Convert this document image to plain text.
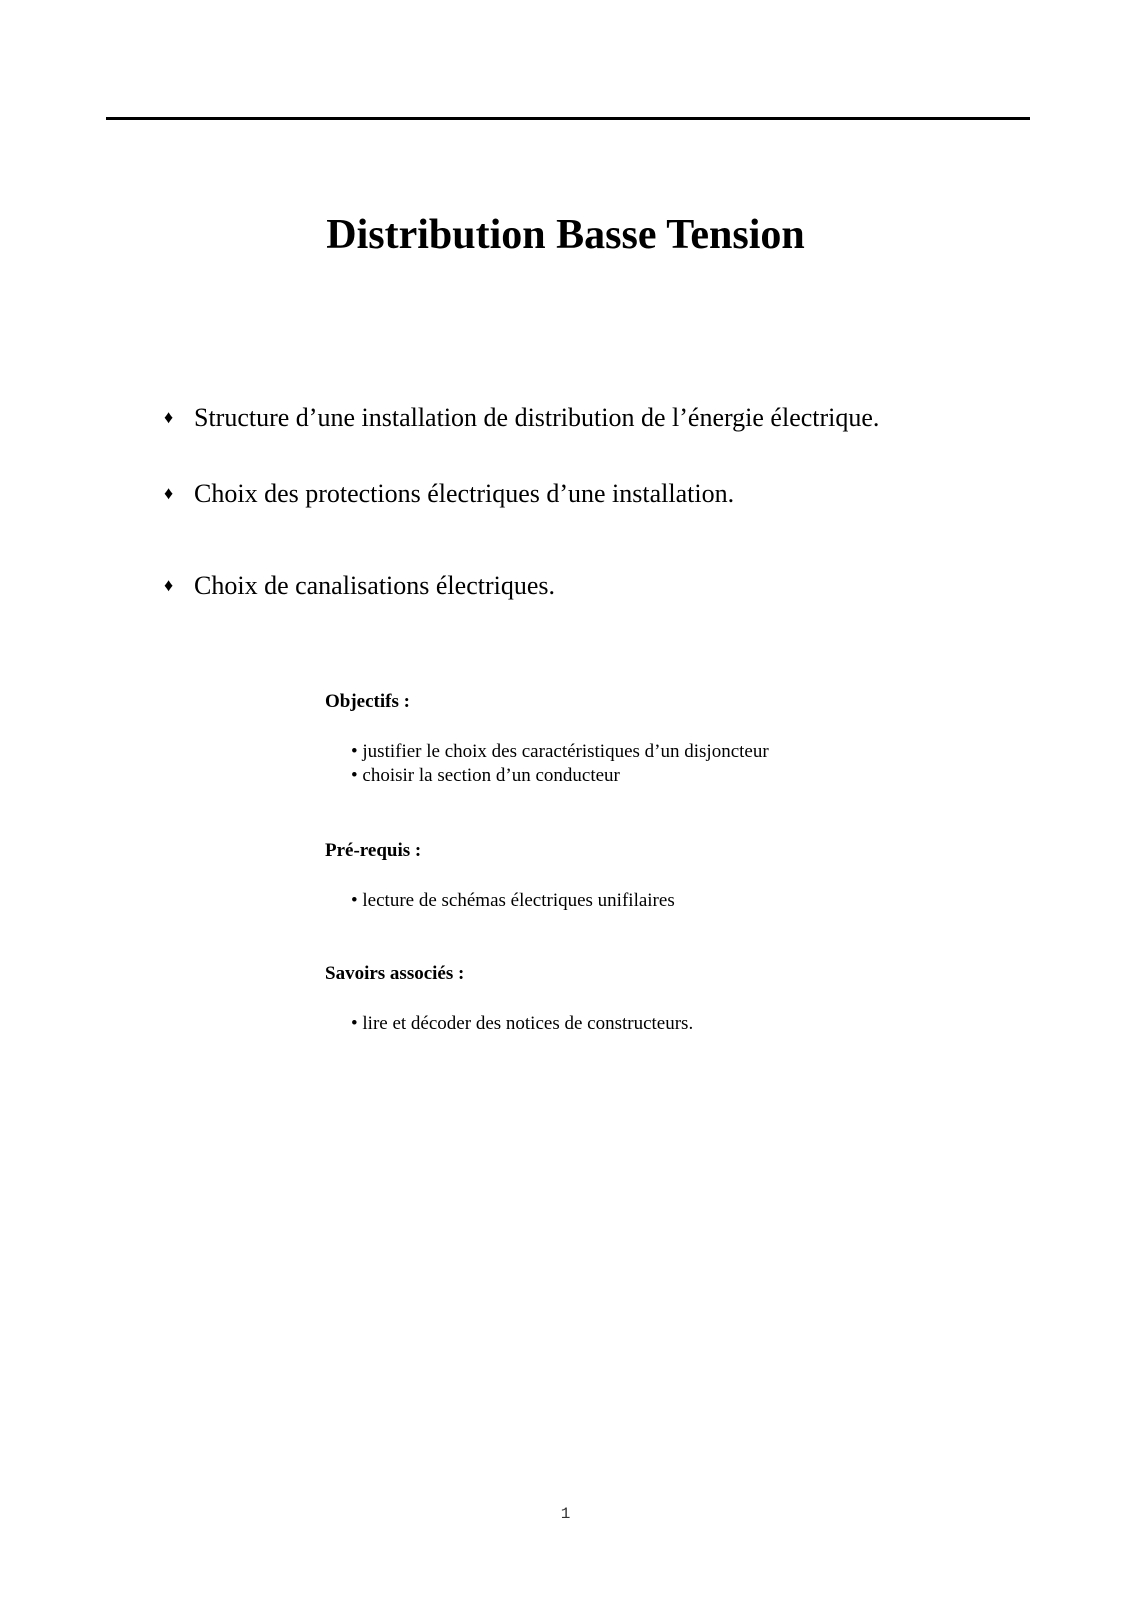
Distribution Basse Tension
♦ Structure d’une installation de distribution de l’énergie électrique.
♦ Choix des protections électriques d’une installation.
♦ Choix de canalisations électriques.
Objectifs :
• justifier le choix des caractéristiques d’un disjoncteur
• choisir la section d’un conducteur
Pré-requis :
• lecture de schémas électriques unifilaires
Savoirs associés :
• lire et décoder des notices de constructeurs.
1
